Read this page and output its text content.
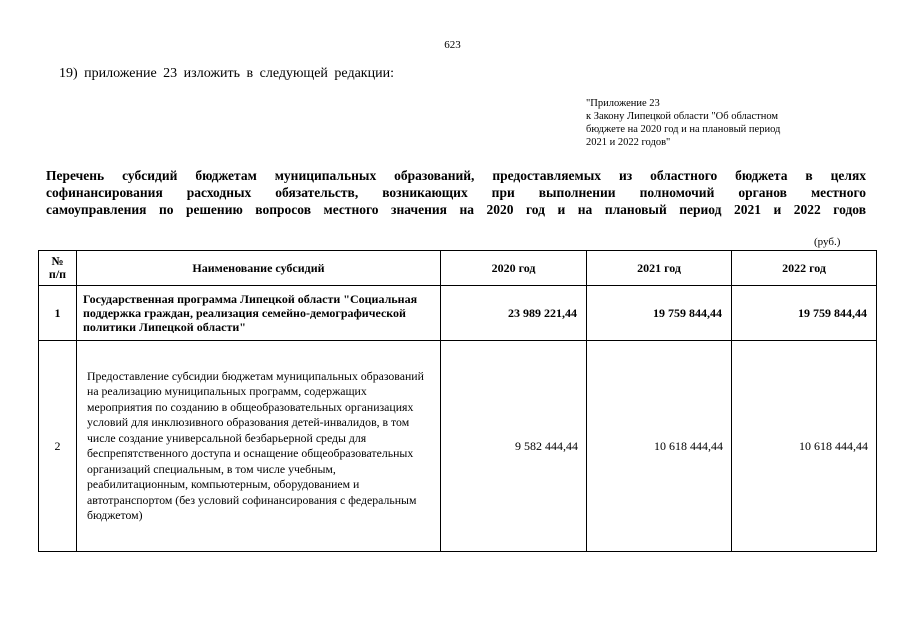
623
19) приложение 23 изложить в следующей редакции:
"Приложение 23
к Закону Липецкой области "Об областном
бюджете на 2020 год и на плановый период
2021 и 2022 годов"
Перечень субсидий бюджетам муниципальных образований, предоставляемых из областного бюджета в целях
софинансирования расходных обязательств, возникающих при выполнении полномочий органов местного
самоуправления по решению вопросов местного значения на 2020 год и на плановый период 2021 и 2022 годов
(руб.)
№
п/п	Наименование субсидий	2020 год	2021 год	2022 год
1	Государственная программа Липецкой области "Социальная поддержка граждан, реализация семейно-демографической политики Липецкой области"	23 989 221,44	19 759 844,44	19 759 844,44
2	Предоставление субсидии бюджетам муниципальных образований на реализацию муниципальных программ, содержащих мероприятия по созданию в общеобразовательных организациях условий для инклюзивного образования детей-инвалидов, в том числе создание универсальной безбарьерной среды для беспрепятственного доступа и оснащение общеобразовательных организаций специальным, в том числе учебным, реабилитационным, компьютерным, оборудованием и автотранспортом (без условий софинансирования с федеральным бюджетом)	9 582 444,44	10 618 444,44	10 618 444,44
